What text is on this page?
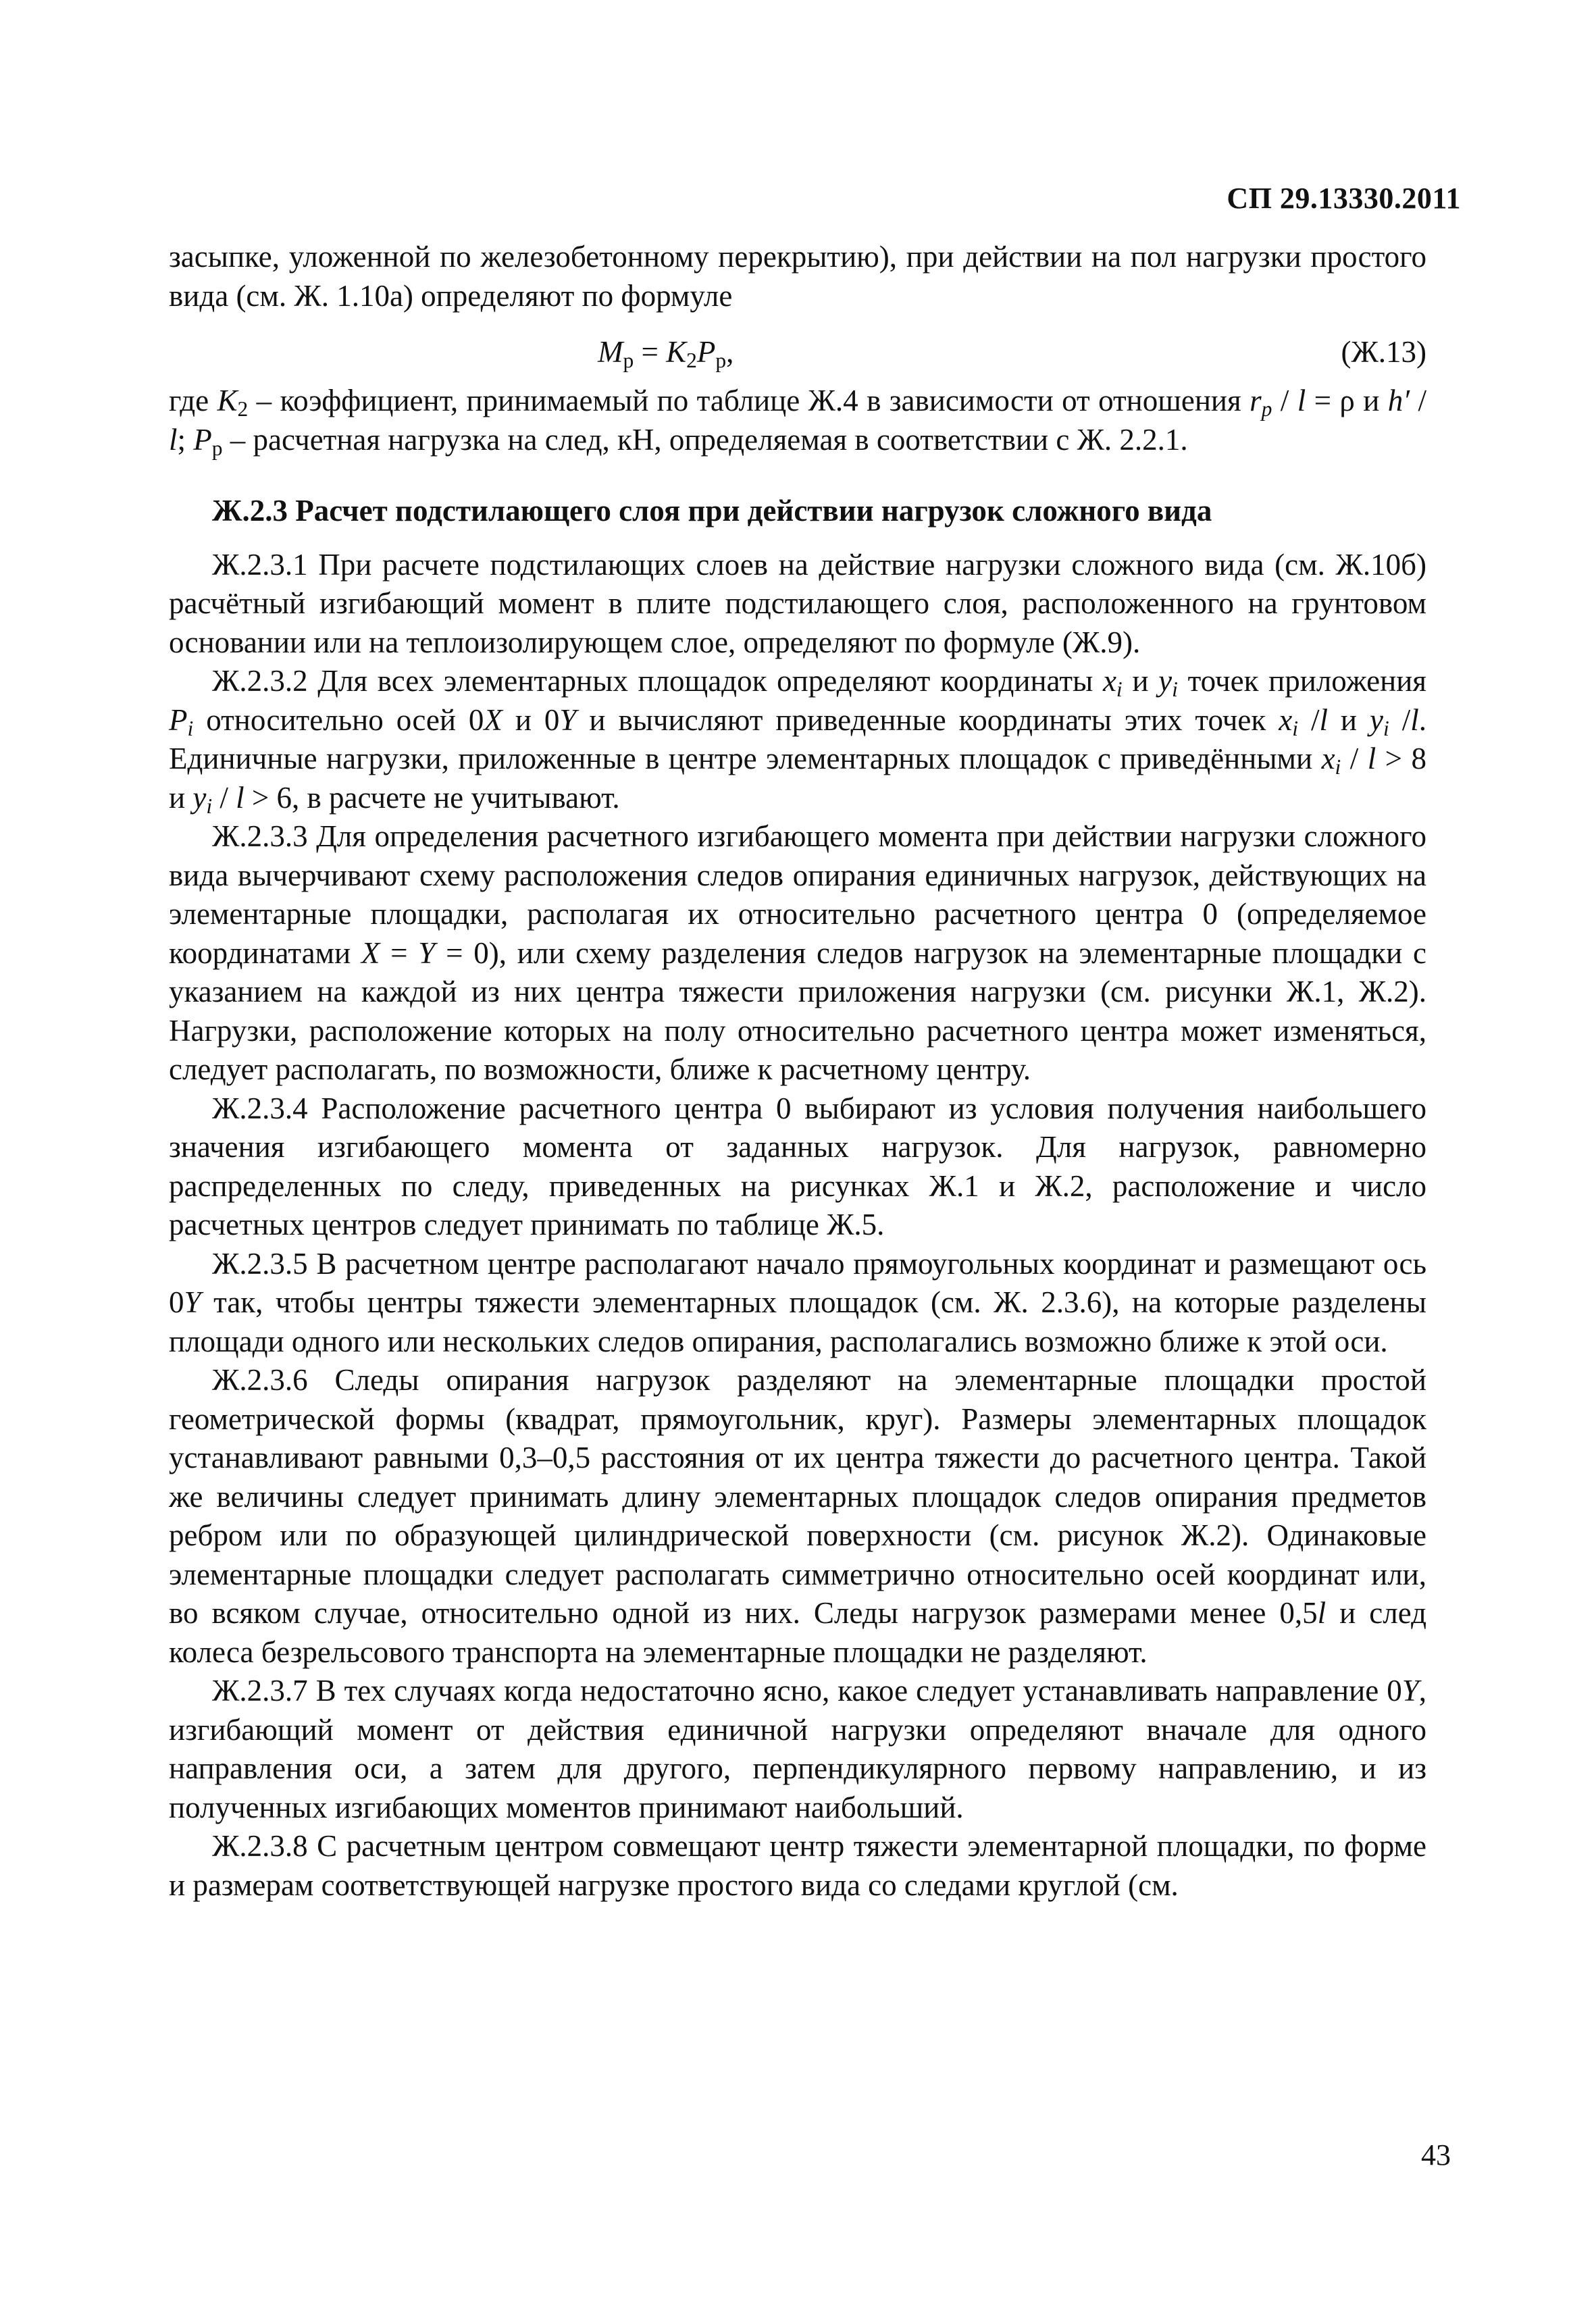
СП 29.13330.2011

засыпке, уложенной по железобетонному перекрытию), при действии на пол нагрузки простого вида (см. Ж. 1.10а) определяют по формуле

$M_р = K_2P_р$,	(Ж.13)

где $K_2$ – коэффициент, принимаемый по таблице Ж.4 в зависимости от отношения $r_p / l = \rho$ и h′ / l; $P_р$ – расчетная нагрузка на след, кН, определяемая в соответствии с Ж. 2.2.1.

Ж.2.3 Расчет подстилающего слоя при действии нагрузок сложного вида

Ж.2.3.1 При расчете подстилающих слоев на действие нагрузки сложного вида (см. Ж.10б) расчётный изгибающий момент в плите подстилающего слоя, расположенного на грунтовом основании или на теплоизолирующем слое, определяют по формуле (Ж.9).

Ж.2.3.2 Для всех элементарных площадок определяют координаты $x_i$ и $y_i$ точек приложения $P_i$ относительно осей 0X и 0Y и вычисляют приведенные координаты этих точек $x_i$ /l и $y_i$ /l. Единичные нагрузки, приложенные в центре элементарных площадок с приведёнными $x_i / l > 8$ и $y_i / l > 6$, в расчете не учитывают.

Ж.2.3.3 Для определения расчетного изгибающего момента при действии нагрузки сложного вида вычерчивают схему расположения следов опирания единичных нагрузок, действующих на элементарные площадки, располагая их относительно расчетного центра 0 (определяемое координатами X = Y = 0), или схему разделения следов нагрузок на элементарные площадки с указанием на каждой из них центра тяжести приложения нагрузки (см. рисунки Ж.1, Ж.2). Нагрузки, расположение которых на полу относительно расчетного центра может изменяться, следует располагать, по возможности, ближе к расчетному центру.

Ж.2.3.4 Расположение расчетного центра 0 выбирают из условия получения наибольшего значения изгибающего момента от заданных нагрузок. Для нагрузок, равномерно распределенных по следу, приведенных на рисунках Ж.1 и Ж.2, расположение и число расчетных центров следует принимать по таблице Ж.5.

Ж.2.3.5 В расчетном центре располагают начало прямоугольных координат и размещают ось 0Y так, чтобы центры тяжести элементарных площадок (см. Ж. 2.3.6), на которые разделены площади одного или нескольких следов опирания, располагались возможно ближе к этой оси.

Ж.2.3.6 Следы опирания нагрузок разделяют на элементарные площадки простой геометрической формы (квадрат, прямоугольник, круг). Размеры элементарных площадок устанавливают равными 0,3–0,5 расстояния от их центра тяжести до расчетного центра. Такой же величины следует принимать длину элементарных площадок следов опирания предметов ребром или по образующей цилиндрической поверхности (см. рисунок Ж.2). Одинаковые элементарные площадки следует располагать симметрично относительно осей координат или, во всяком случае, относительно одной из них. Следы нагрузок размерами менее 0,5l и след колеса безрельсового транспорта на элементарные площадки не разделяют.

Ж.2.3.7 В тех случаях когда недостаточно ясно, какое следует устанавливать направление 0Y, изгибающий момент от действия единичной нагрузки определяют вначале для одного направления оси, а затем для другого, перпендикулярного первому направлению, и из полученных изгибающих моментов принимают наибольший.

Ж.2.3.8 С расчетным центром совмещают центр тяжести элементарной площадки, по форме и размерам соответствующей нагрузке простого вида со следами круглой (см.

43
